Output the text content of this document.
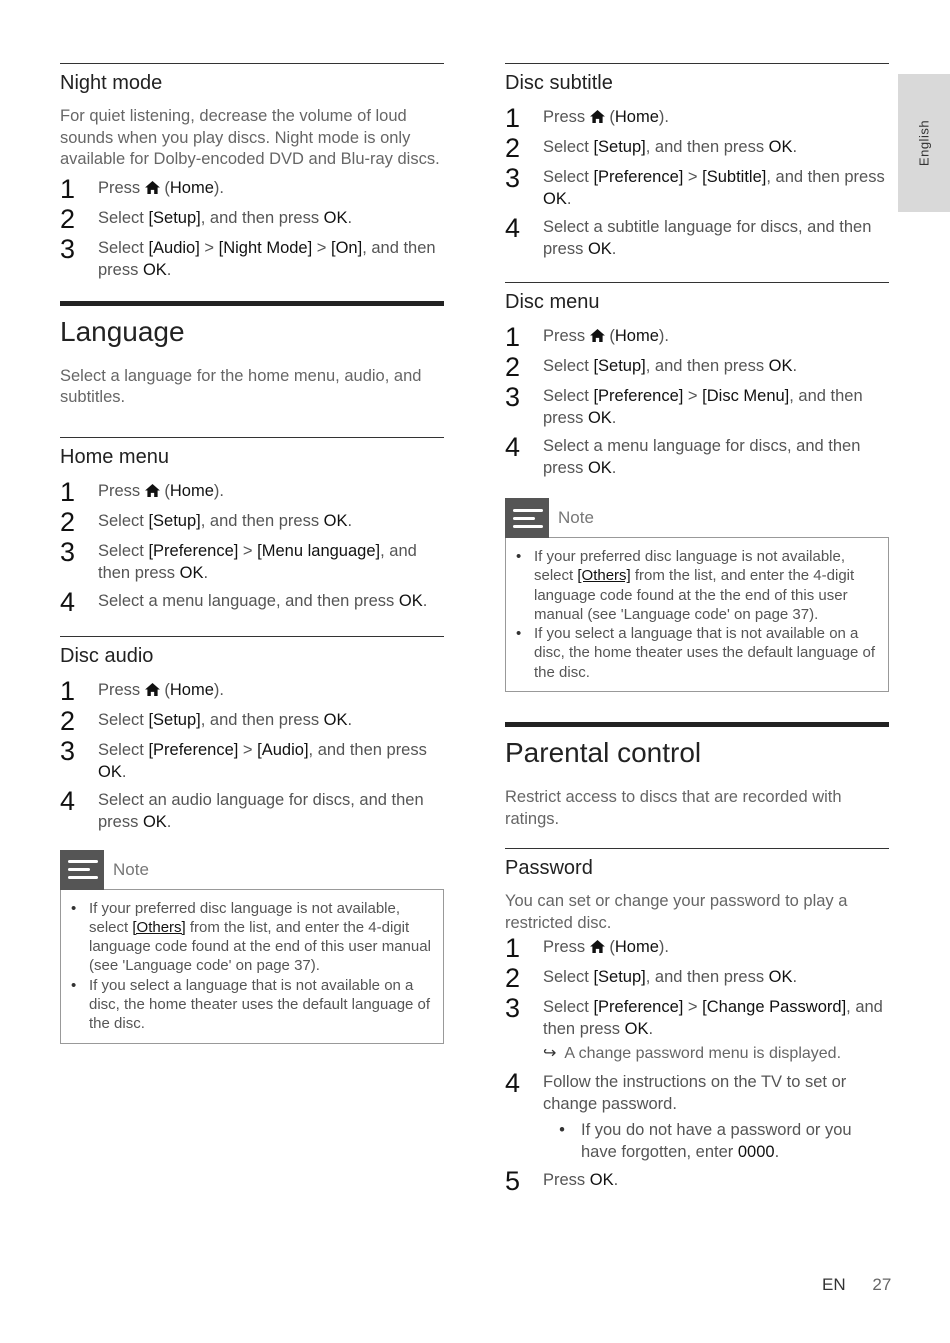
English
Night mode
For quiet listening, decrease the volume of loud sounds when you play discs. Night mode is only available for Dolby-encoded DVD and Blu-ray discs.
1	Press  (Home).
2	Select [Setup], and then press OK.
3	Select [Audio] > [Night Mode] > [On], and then press OK.
Language
Select a language for the home menu, audio, and subtitles.
Home menu
1	Press  (Home).
2	Select [Setup], and then press OK.
3	Select [Preference] > [Menu language], and then press OK.
4	Select a menu language, and then press OK.
Disc audio
1	Press  (Home).
2	Select [Setup], and then press OK.
3	Select [Preference] > [Audio], and then press OK.
4	Select an audio language for discs, and then press OK.
Note
• If your preferred disc language is not available, select [Others] from the list, and enter the 4-digit language code found at the end of this user manual (see 'Language code' on page 37).
• If you select a language that is not available on a disc, the home theater uses the default language of the disc.
Disc subtitle
1	Press  (Home).
2	Select [Setup], and then press OK.
3	Select [Preference] > [Subtitle], and then press OK.
4	Select a subtitle language for discs, and then press OK.
Disc menu
1	Press  (Home).
2	Select [Setup], and then press OK.
3	Select [Preference] > [Disc Menu], and then press OK.
4	Select a menu language for discs, and then press OK.
Note
• If your preferred disc language is not available, select [Others] from the list, and enter the 4-digit language code found at the the end of this user manual (see 'Language code' on page 37).
• If you select a language that is not available on a disc, the home theater uses the default language of the disc.
Parental control
Restrict access to discs that are recorded with ratings.
Password
You can set or change your password to play a restricted disc.
1	Press  (Home).
2	Select [Setup], and then press OK.
3	Select [Preference] > [Change Password], and then press OK.
↪ A change password menu is displayed.
4	Follow the instructions on the TV to set or change password.
• If you do not have a password or you have forgotten, enter 0000.
5	Press OK.
EN 27
